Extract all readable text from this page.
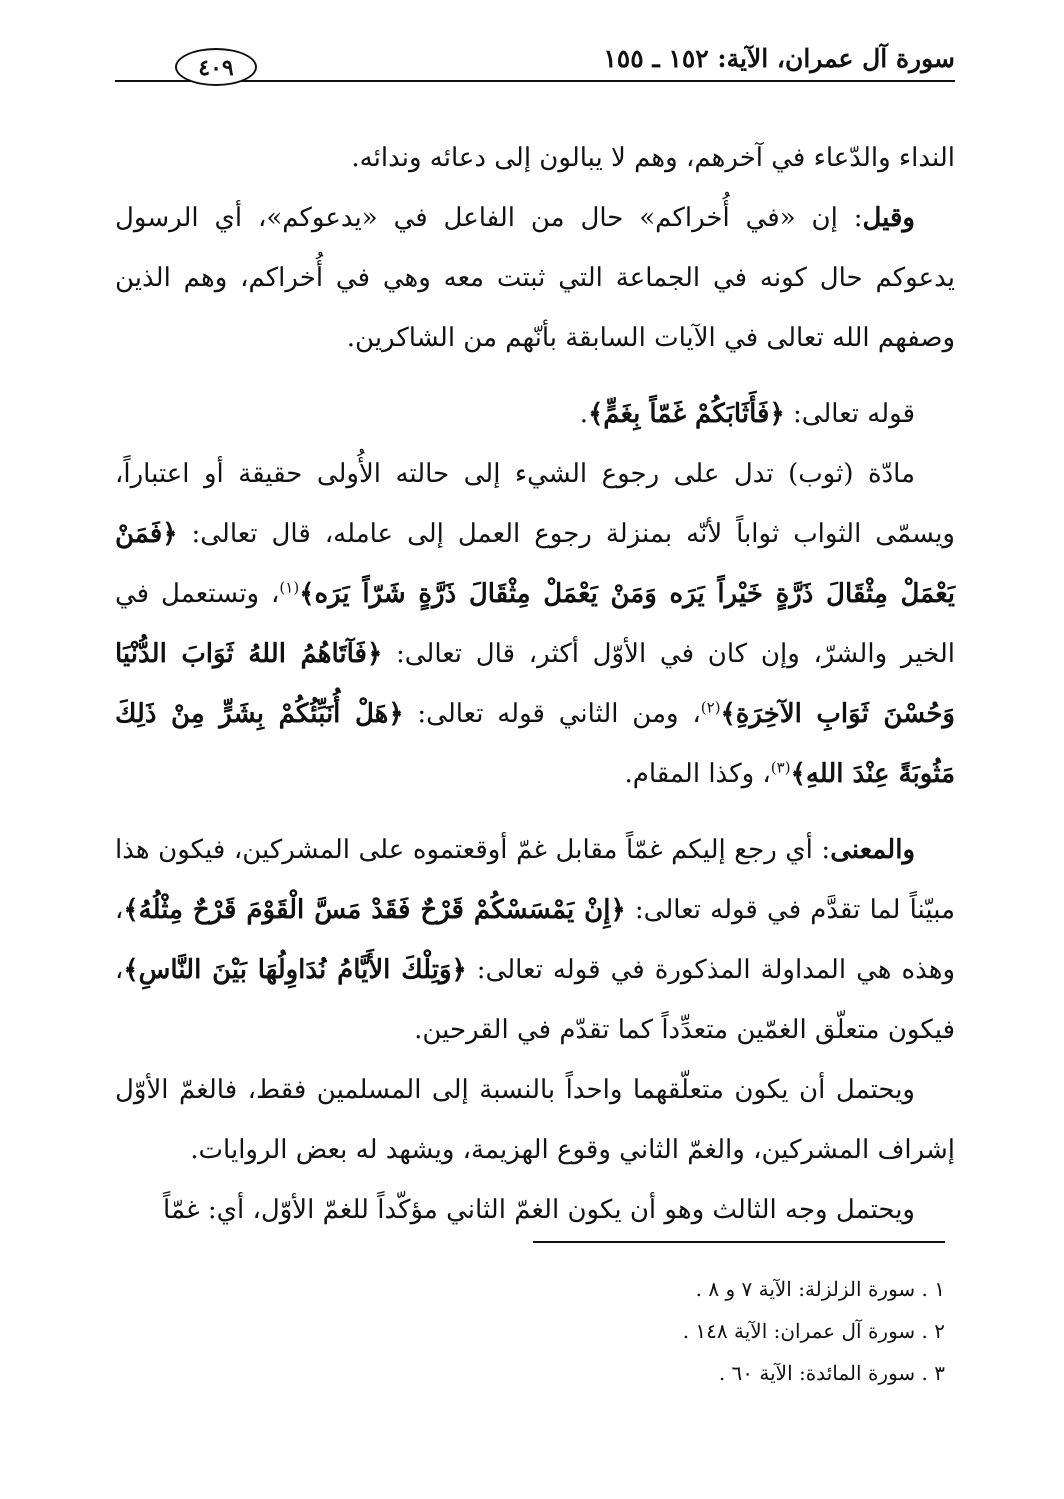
٤٠٩	سورة آل عمران، الآية: ١٥٢ ـ ١٥٥

النداء والدّعاء في آخرهم، وهم لا يبالون إلى دعائه وندائه.

وقيل: إن «في أُخراكم» حال من الفاعل في «يدعوكم»، أي الرسول يدعوكم حال كونه في الجماعة التي ثبتت معه وهي في أُخراكم، وهم الذين وصفهم الله تعالى في الآيات السابقة بأنّهم من الشاكرين.

قوله تعالى: ﴿فَأَثَابَكُمْ غَمّاً بِغَمٍّ﴾.

مادّة (ثوب) تدل على رجوع الشيء إلى حالته الأُولى حقيقة أو اعتباراً، ويسمّى الثواب ثواباً لأنّه بمنزلة رجوع العمل إلى عامله، قال تعالى: ﴿فَمَنْ يَعْمَلْ مِثْقَالَ ذَرَّةٍ خَيْراً يَرَه وَمَنْ يَعْمَلْ مِثْقَالَ ذَرَّةٍ شَرّاً يَرَه﴾$^{(١)}$، وتستعمل في الخير والشرّ، وإن كان في الأوّل أكثر، قال تعالى: ﴿فَآتَاهُمُ اللهُ ثَوَابَ الدُّنْيَا وَحُسْنَ ثَوَابِ الآخِرَةِ﴾$^{(٢)}$، ومن الثاني قوله تعالى: ﴿هَلْ أُنَبِّئُكُمْ بِشَرٍّ مِنْ ذَلِكَ مَثُوبَةً عِنْدَ اللهِ﴾$^{(٣)}$، وكذا المقام.

والمعنى: أي رجع إليكم غمّاً مقابل غمّ أوقعتموه على المشركين، فيكون هذا مبيّناً لما تقدَّم في قوله تعالى: ﴿إِنْ يَمْسَسْكُمْ قَرْحٌ فَقَدْ مَسَّ الْقَوْمَ قَرْحٌ مِثْلُهُ﴾، وهذه هي المداولة المذكورة في قوله تعالى: ﴿وَتِلْكَ الأَيَّامُ نُدَاوِلُهَا بَيْنَ النَّاسِ﴾، فيكون متعلّق الغمّين متعدِّداً كما تقدّم في القرحين.

ويحتمل أن يكون متعلّقهما واحداً بالنسبة إلى المسلمين فقط، فالغمّ الأوّل إشراف المشركين، والغمّ الثاني وقوع الهزيمة، ويشهد له بعض الروايات.

ويحتمل وجه الثالث وهو أن يكون الغمّ الثاني مؤكّداً للغمّ الأوّل، أي: غمّاً

١ . سورة الزلزلة: الآية ٧ و ٨ .
٢ . سورة آل عمران: الآية ١٤٨ .
٣ . سورة المائدة: الآية ٦٠ .
